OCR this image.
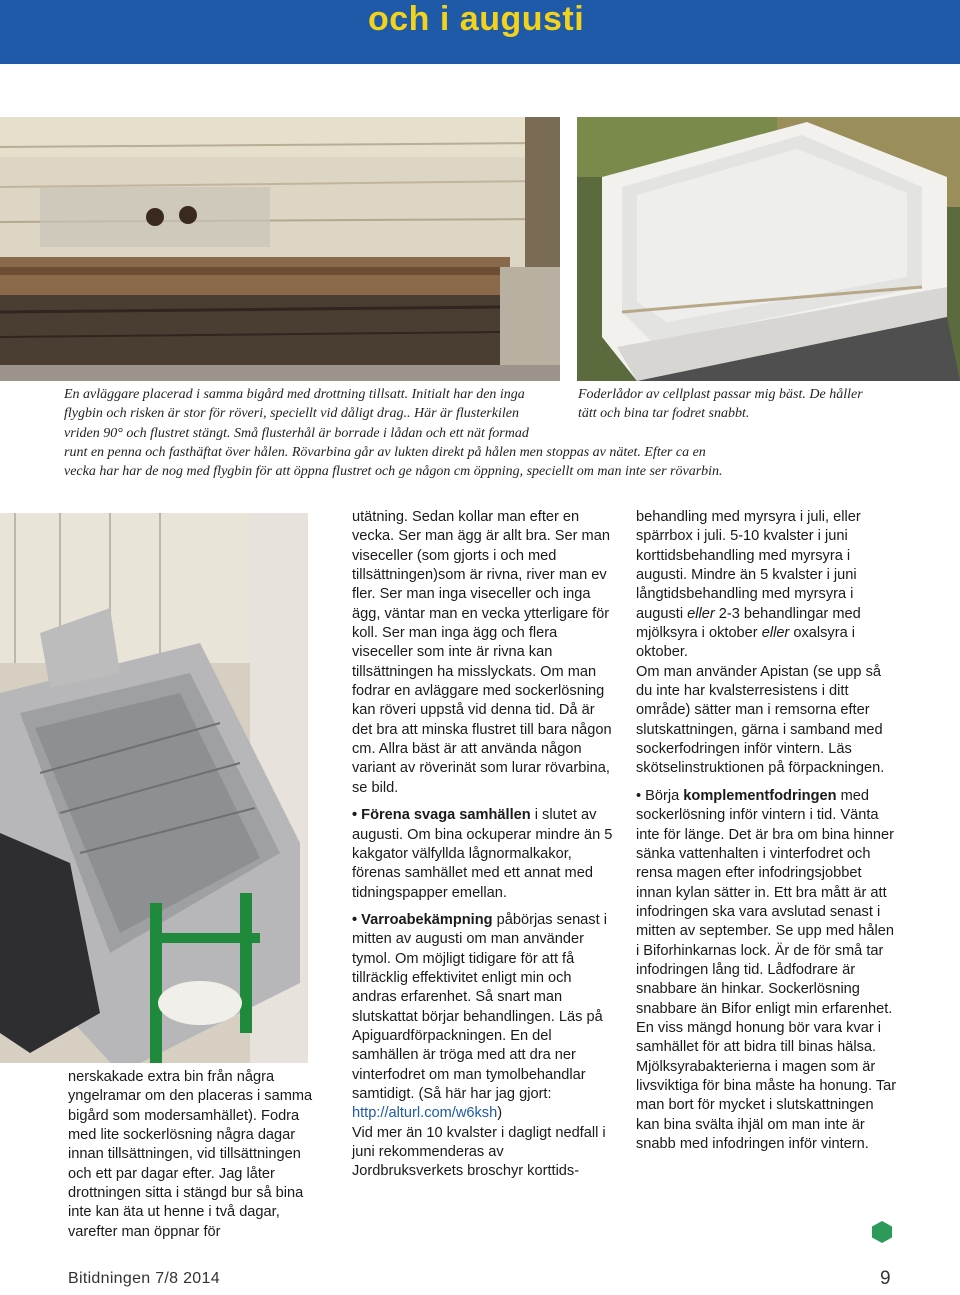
och i augusti

Foderlådor av cellplast passar mig bäst. De håller tätt och bina tar fodret snabbt.

En avläggare placerad i samma bigård med drottning tillsatt. Initialt har den inga

flygbin och risken är stor för röveri, speciellt vid dåligt drag.. Här är flusterkilen

vriden 90° och flustret stängt. Små flusterhål är borrade i lådan och ett nät formad

runt en penna och fasthäftat över hålen. Rövarbina går av lukten direkt på hålen men stoppas av nätet. Efter ca en

vecka har har de nog med flygbin för att öppna flustret och ge någon cm öppning, speciellt om man inte ser rövarbin.

nerskakade extra bin från några yngelramar om den placeras i samma bigård som modersamhället). Fodra med lite sockerlösning några dagar innan tillsättningen, vid tillsättningen och ett par dagar efter. Jag låter drottningen sitta i stängd bur så bina inte kan äta ut henne i två dagar, varefter man öppnar för

utätning. Sedan kollar man efter en vecka. Ser man ägg är allt bra. Ser man viseceller (som gjorts i och med tillsättningen)som är rivna, river man ev fler. Ser man inga viseceller och inga ägg, väntar man en vecka ytterligare för koll. Ser man inga ägg och flera viseceller som inte är rivna kan tillsättningen ha misslyckats. Om man fodrar en avläggare med sockerlösning kan röveri uppstå vid denna tid. Då är det bra att minska flustret till bara någon cm. Allra bäst är att använda någon variant av röverinät som lurar rövarbina, se bild.

• Förena svaga samhällen i slutet av augusti. Om bina ockuperar mindre än 5 kakgator välfyllda lågnormalkakor, förenas samhället med ett annat med tidningspapper emellan.

• Varroabekämpning påbörjas senast i mitten av augusti om man använder tymol. Om möjligt tidigare för att få tillräcklig effektivitet enligt min och andras erfarenhet. Så snart man slutskattat börjar behandlingen. Läs på Apiguardförpackningen. En del samhällen är tröga med att dra ner vinterfodret om man tymolbehandlar samtidigt. (Så här har jag gjort:
http://alturl.com/w6ksh)

Vid mer än 10 kvalster i dagligt nedfall i juni rekommenderas av Jordbruksverkets broschyr korttids-

behandling med myrsyra i juli, eller spärrbox i juli. 5-10 kvalster i juni korttidsbehandling med myrsyra i augusti. Mindre än 5 kvalster i juni långtidsbehandling med myrsyra i augusti eller 2-3 behandlingar med mjölksyra i oktober eller oxalsyra i oktober.

Om man använder Apistan (se upp så du inte har kvalsterresistens i ditt område) sätter man i remsorna efter slutskattningen, gärna i samband med sockerfodringen inför vintern. Läs skötselinstruktionen på förpackningen.

• Börja komplementfodringen med sockerlösning inför vintern i tid. Vänta inte för länge. Det är bra om bina hinner sänka vattenhalten i vinterfodret och rensa magen efter infodringsjobbet innan kylan sätter in. Ett bra mått är att infodringen ska vara avslutad senast i mitten av september. Se upp med hålen i Biforhinkarnas lock. Är de för små tar infodringen lång tid. Lådfodrare är snabbare än hinkar. Sockerlösning snabbare än Bifor enligt min erfarenhet.

En viss mängd honung bör vara kvar i samhället för att bidra till binas hälsa. Mjölksyrabakterierna i magen som är livsviktiga för bina måste ha honung. Tar man bort för mycket i slutskattningen kan bina svälta ihjäl om man inte är snabb med infodringen inför vintern.

Bitidningen 7/8 2014	9
